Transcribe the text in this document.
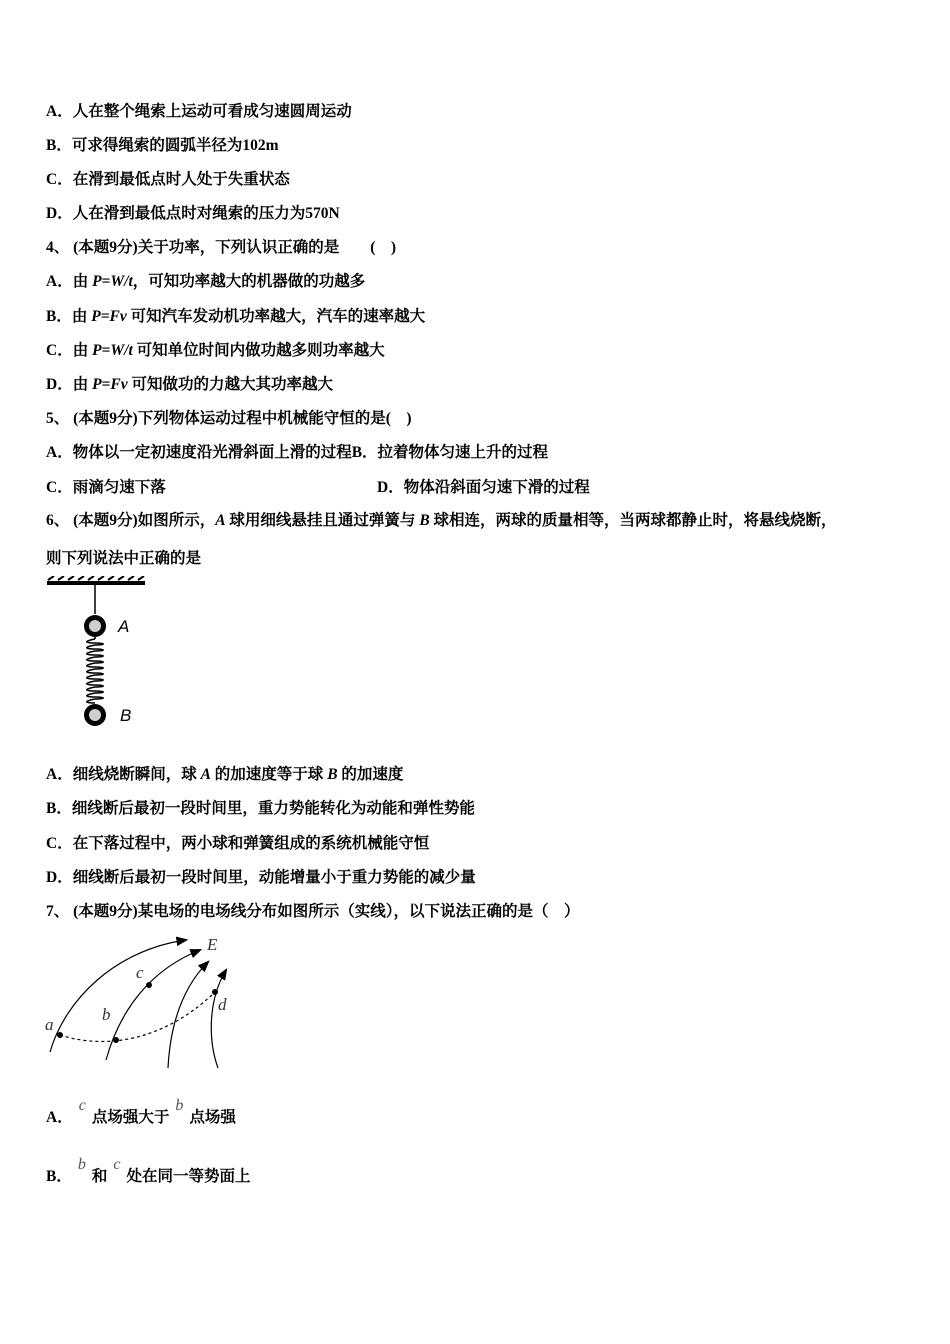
A．人在整个绳索上运动可看成匀速圆周运动
B．可求得绳索的圆弧半径为102m
C．在滑到最低点时人处于失重状态
D．人在滑到最低点时对绳索的压力为570N
4、 (本题9分)关于功率，下列认识正确的是　　(　)
A．由 P=W/t，可知功率越大的机器做的功越多
B．由 P=Fv 可知汽车发动机功率越大，汽车的速率越大
C．由 P=W/t 可知单位时间内做功越多则功率越大
D．由 P=Fv 可知做功的力越大其功率越大
5、 (本题9分)下列物体运动过程中机械能守恒的是(　)
A．物体以一定初速度沿光滑斜面上滑的过程B．拉着物体匀速上升的过程
C．雨滴匀速下落	D．物体沿斜面匀速下滑的过程
6、 (本题9分)如图所示，A 球用细线悬挂且通过弹簧与 B 球相连，两球的质量相等，当两球都静止时，将悬线烧断，
则下列说法中正确的是
A
B
A．细线烧断瞬间，球 A 的加速度等于球 B 的加速度
B．细线断后最初一段时间里，重力势能转化为动能和弹性势能
C．在下落过程中，两小球和弹簧组成的系统机械能守恒
D．细线断后最初一段时间里，动能增量小于重力势能的减少量
7、 (本题9分)某电场的电场线分布如图所示（实线），以下说法正确的是（　）
E
a
b
c
d
A．c点场强大于b点场强
B．b和c处在同一等势面上
